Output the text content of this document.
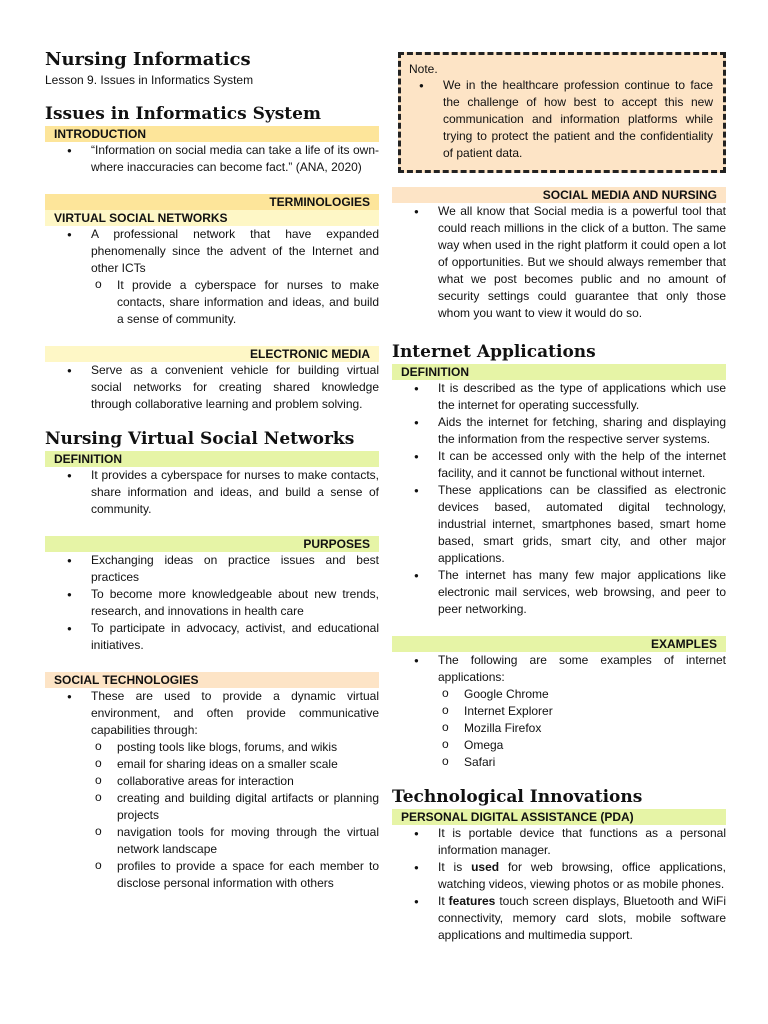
Nursing Informatics
Lesson 9. Issues in Informatics System
Issues in Informatics System
INTRODUCTION
● “Information on social media can take a life of its own-where inaccuracies can become fact.” (ANA, 2020)
TERMINOLOGIES
VIRTUAL SOCIAL NETWORKS
● A professional network that have expanded phenomenally since the advent of the Internet and other ICTs
o It provide a cyberspace for nurses to make contacts, share information and ideas, and build a sense of community.
ELECTRONIC MEDIA
● Serve as a convenient vehicle for building virtual social networks for creating shared knowledge through collaborative learning and problem solving.
Nursing Virtual Social Networks
DEFINITION
● It provides a cyberspace for nurses to make contacts, share information and ideas, and build a sense of community.
PURPOSES
● Exchanging ideas on practice issues and best practices
● To become more knowledgeable about new trends, research, and innovations in health care
● To participate in advocacy, activist, and educational initiatives.
SOCIAL TECHNOLOGIES
● These are used to provide a dynamic virtual environment, and often provide communicative capabilities through:
o posting tools like blogs, forums, and wikis
o email for sharing ideas on a smaller scale
o collaborative areas for interaction
o creating and building digital artifacts or planning projects
o navigation tools for moving through the virtual network landscape
o profiles to provide a space for each member to disclose personal information with others
Note.
● We in the healthcare profession continue to face the challenge of how best to accept this new communication and information platforms while trying to protect the patient and the confidentiality of patient data.
SOCIAL MEDIA AND NURSING
● We all know that Social media is a powerful tool that could reach millions in the click of a button. The same way when used in the right platform it could open a lot of opportunities. But we should always remember that what we post becomes public and no amount of security settings could guarantee that only those whom you want to view it would do so.
Internet Applications
DEFINITION
● It is described as the type of applications which use the internet for operating successfully.
● Aids the internet for fetching, sharing and displaying the information from the respective server systems.
● It can be accessed only with the help of the internet facility, and it cannot be functional without internet.
● These applications can be classified as electronic devices based, automated digital technology, industrial internet, smartphones based, smart home based, smart grids, smart city, and other major applications.
● The internet has many few major applications like electronic mail services, web browsing, and peer to peer networking.
EXAMPLES
● The following are some examples of internet applications:
o Google Chrome
o Internet Explorer
o Mozilla Firefox
o Omega
o Safari
Technological Innovations
PERSONAL DIGITAL ASSISTANCE (PDA)
● It is portable device that functions as a personal information manager.
● It is used for web browsing, office applications, watching videos, viewing photos or as mobile phones.
● It features touch screen displays, Bluetooth and WiFi connectivity, memory card slots, mobile software applications and multimedia support.
